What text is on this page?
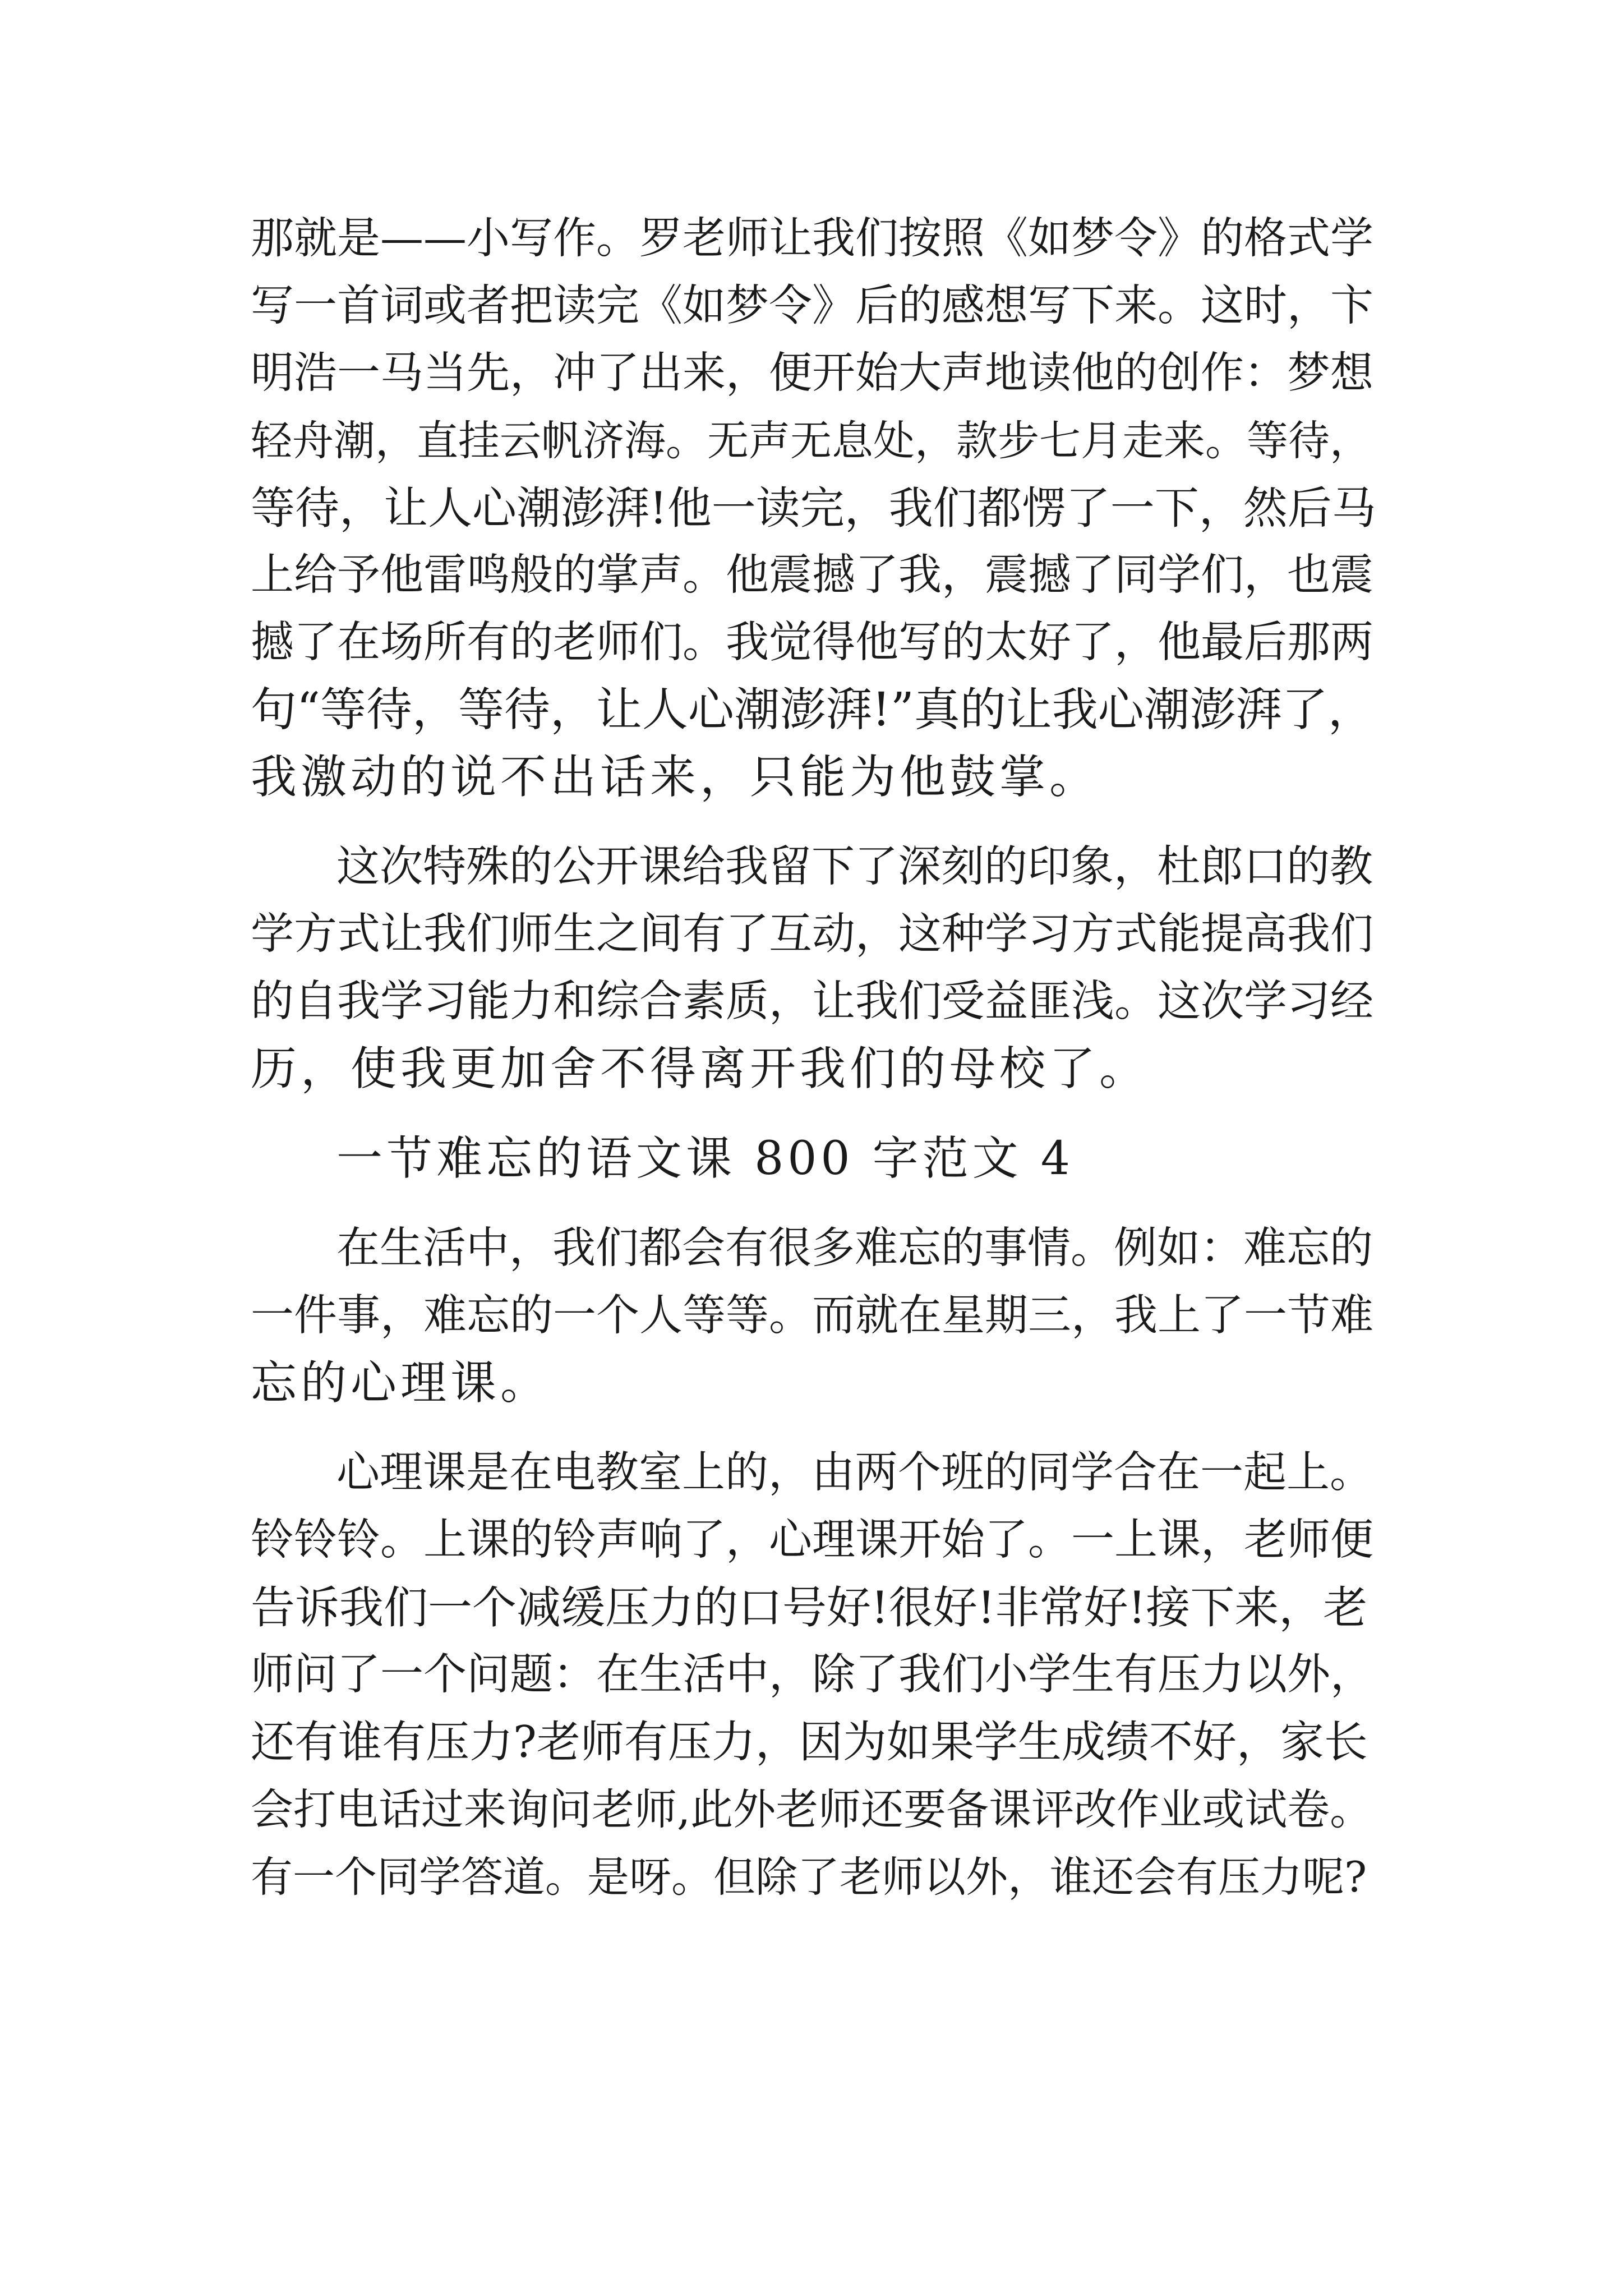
那就是——小写作。罗老师让我们按照《如梦令》的格式学
写一首词或者把读完《如梦令》后的感想写下来。这时，卞
明浩一马当先，冲了出来，便开始大声地读他的创作：梦想
轻舟潮，直挂云帆济海。无声无息处，款步七月走来。等待，
等待，让人心潮澎湃!他一读完，我们都愣了一下，然后马
上给予他雷鸣般的掌声。他震撼了我，震撼了同学们，也震
撼了在场所有的老师们。我觉得他写的太好了，他最后那两
句“等待，等待，让人心潮澎湃!”真的让我心潮澎湃了，
我激动的说不出话来，只能为他鼓掌。
这次特殊的公开课给我留下了深刻的印象，杜郎口的教
学方式让我们师生之间有了互动，这种学习方式能提高我们
的自我学习能力和综合素质，让我们受益匪浅。这次学习经
历，使我更加舍不得离开我们的母校了。
一节难忘的语文课 800 字范文 4
在生活中，我们都会有很多难忘的事情。例如：难忘的
一件事，难忘的一个人等等。而就在星期三，我上了一节难
忘的心理课。
心理课是在电教室上的，由两个班的同学合在一起上。
铃铃铃。上课的铃声响了，心理课开始了。一上课，老师便
告诉我们一个减缓压力的口号好!很好!非常好!接下来，老
师问了一个问题：在生活中，除了我们小学生有压力以外，
还有谁有压力?老师有压力，因为如果学生成绩不好，家长
会打电话过来询问老师,此外老师还要备课评改作业或试卷。
有一个同学答道。是呀。但除了老师以外，谁还会有压力呢?
